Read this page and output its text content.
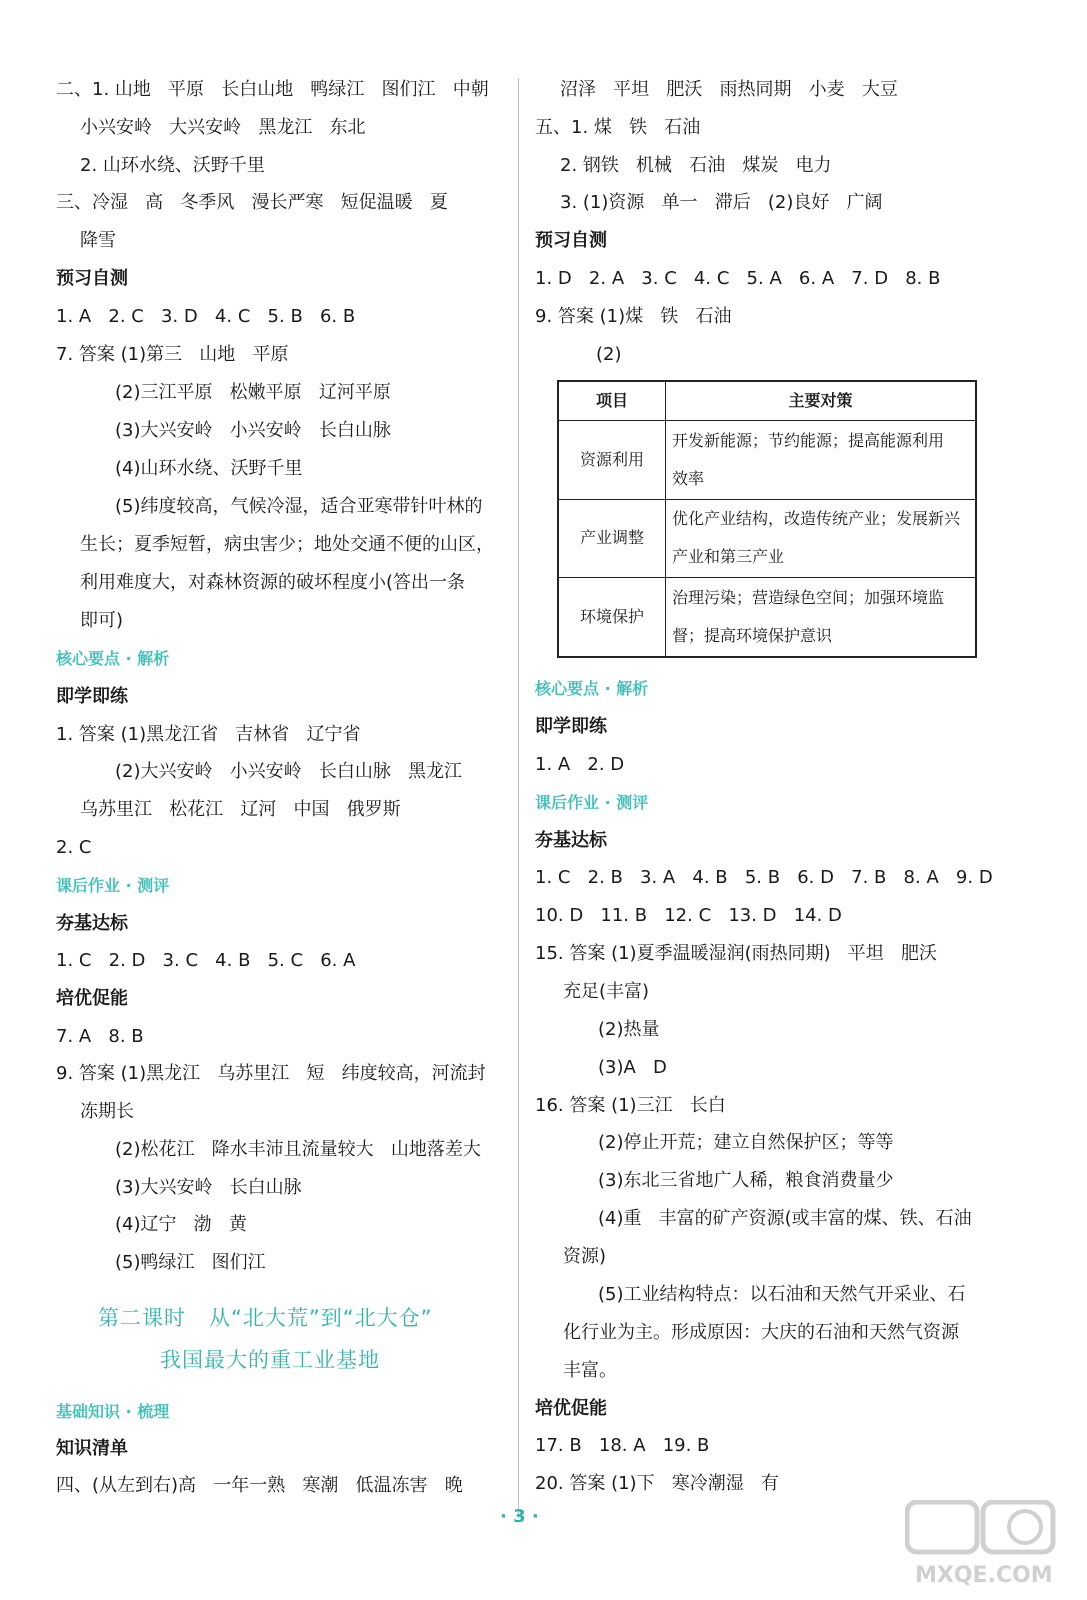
二、1. 山地   平原   长白山地   鸭绿江   图们江   中朝
小兴安岭   大兴安岭   黑龙江   东北
2. 山环水绕、沃野千里
三、冷湿   高   冬季风   漫长严寒   短促温暖   夏
降雪
预习自测
1. A   2. C   3. D   4. C   5. B   6. B
7. 答案 (1)第三   山地   平原
(2)三江平原   松嫩平原   辽河平原
(3)大兴安岭   小兴安岭   长白山脉
(4)山环水绕、沃野千里
(5)纬度较高，气候冷湿，适合亚寒带针叶林的
生长；夏季短暂，病虫害少；地处交通不便的山区，
利用难度大，对森林资源的破坏程度小(答出一条
即可)
核心要点 · 解析
即学即练
1. 答案 (1)黑龙江省   吉林省   辽宁省
(2)大兴安岭   小兴安岭   长白山脉   黑龙江
乌苏里江   松花江   辽河   中国   俄罗斯
2. C
课后作业 · 测评
夯基达标
1. C   2. D   3. C   4. B   5. C   6. A
培优促能
7. A   8. B
9. 答案 (1)黑龙江   乌苏里江   短   纬度较高，河流封
冻期长
(2)松花江   降水丰沛且流量较大   山地落差大
(3)大兴安岭   长白山脉
(4)辽宁   渤   黄
(5)鸭绿江   图们江
第二课时   从“北大荒”到“北大仓”
我国最大的重工业基地
基础知识 · 梳理
知识清单
四、(从左到右)高   一年一熟   寒潮   低温冻害   晚
沼泽   平坦   肥沃   雨热同期   小麦   大豆
五、1. 煤   铁   石油
2. 钢铁   机械   石油   煤炭   电力
3. (1)资源   单一   滞后   (2)良好   广阔
预习自测
1. D   2. A   3. C   4. C   5. A   6. A   7. D   8. B
9. 答案 (1)煤   铁   石油
(2)
项目	主要对策
资源利用	开发新能源；节约能源；提高能源利用
效率

产业调整	优化产业结构，改造传统产业；发展新兴
产业和第三产业

环境保护	治理污染；营造绿色空间；加强环境监
督；提高环境保护意识
核心要点 · 解析
即学即练
1. A   2. D
课后作业 · 测评
夯基达标
1. C   2. B   3. A   4. B   5. B   6. D   7. B   8. A   9. D
10. D   11. B   12. C   13. D   14. D
15. 答案 (1)夏季温暖湿润(雨热同期)   平坦   肥沃
充足(丰富)
(2)热量
(3)A   D
16. 答案 (1)三江   长白
(2)停止开荒；建立自然保护区；等等
(3)东北三省地广人稀，粮食消费量少
(4)重   丰富的矿产资源(或丰富的煤、铁、石油
资源)
(5)工业结构特点：以石油和天然气开采业、石
化行业为主。形成原因：大庆的石油和天然气资源
丰富。
培优促能
17. B   18. A   19. B
20. 答案 (1)下   寒冷潮湿   有
· 3 ·
MXQE.COM
